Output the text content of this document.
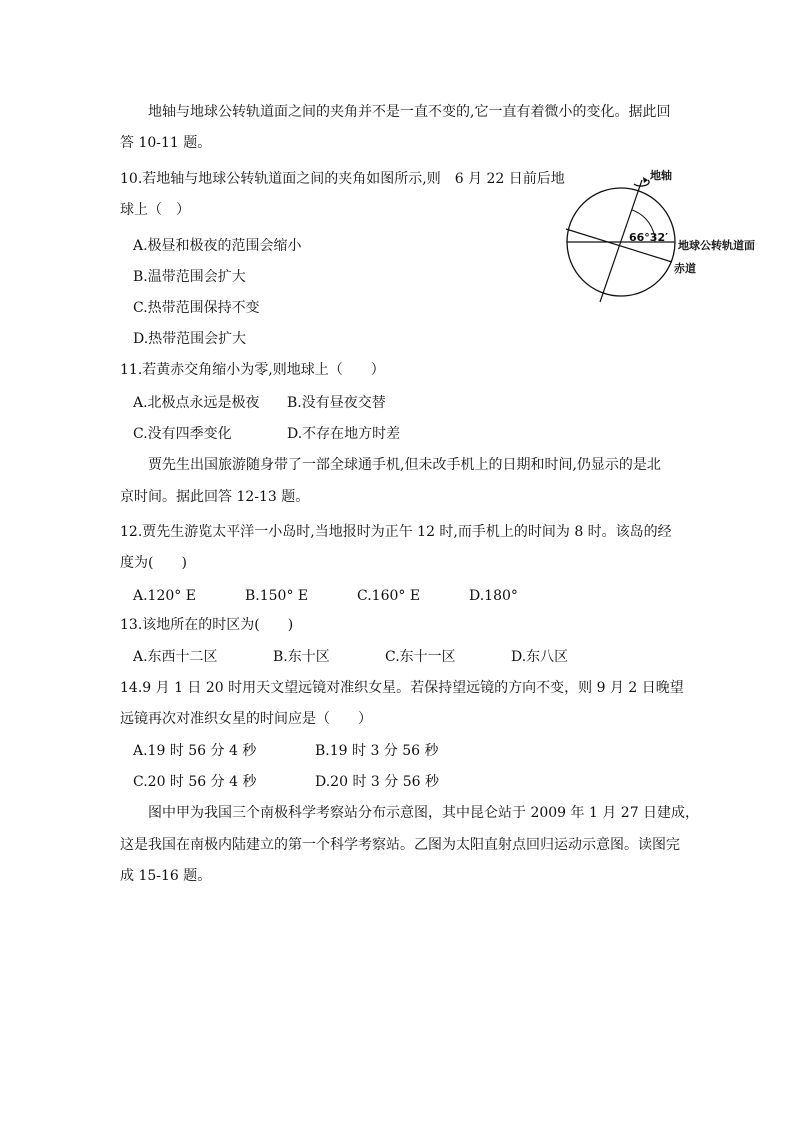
地轴与地球公转轨道面之间的夹角并不是一直不变的,它一直有着微小的变化。据此回
答 10-11 题。
10.若地轴与地球公转轨道面之间的夹角如图所示,则　6 月 22 日前后地
球上（　）
A.极昼和极夜的范围会缩小
B.温带范围会扩大
C.热带范围保持不变
D.热带范围会扩大
地轴
66°32′
地球公转轨道面
赤道
11.若黄赤交角缩小为零,则地球上（　　）
A.北极点永远是极夜 B.没有昼夜交替
C.没有四季变化	D.不存在地方时差
贾先生出国旅游随身带了一部全球通手机,但未改手机上的日期和时间,仍显示的是北
京时间。据此回答 12-13 题。
12.贾先生游览太平洋一小岛时,当地报时为正午 12 时,而手机上的时间为 8 时。该岛的经
度为(　　)
A.120° E	B.150° E	C.160° E	D.180°
13.该地所在的时区为(　　)
A.东西十二区	B.东十区	C.东十一区	D.东八区
14.9 月 1 日 20 时用天文望远镜对准织女星。若保持望远镜的方向不变，则 9 月 2 日晚望
远镜再次对准织女星的时间应是（　　）
A.19 时 56 分 4 秒	B.19 时 3 分 56 秒
C.20 时 56 分 4 秒	D.20 时 3 分 56 秒
图中甲为我国三个南极科学考察站分布示意图，其中昆仑站于 2009 年 1 月 27 日建成，
这是我国在南极内陆建立的第一个科学考察站。乙图为太阳直射点回归运动示意图。读图完
成 15-16 题。
